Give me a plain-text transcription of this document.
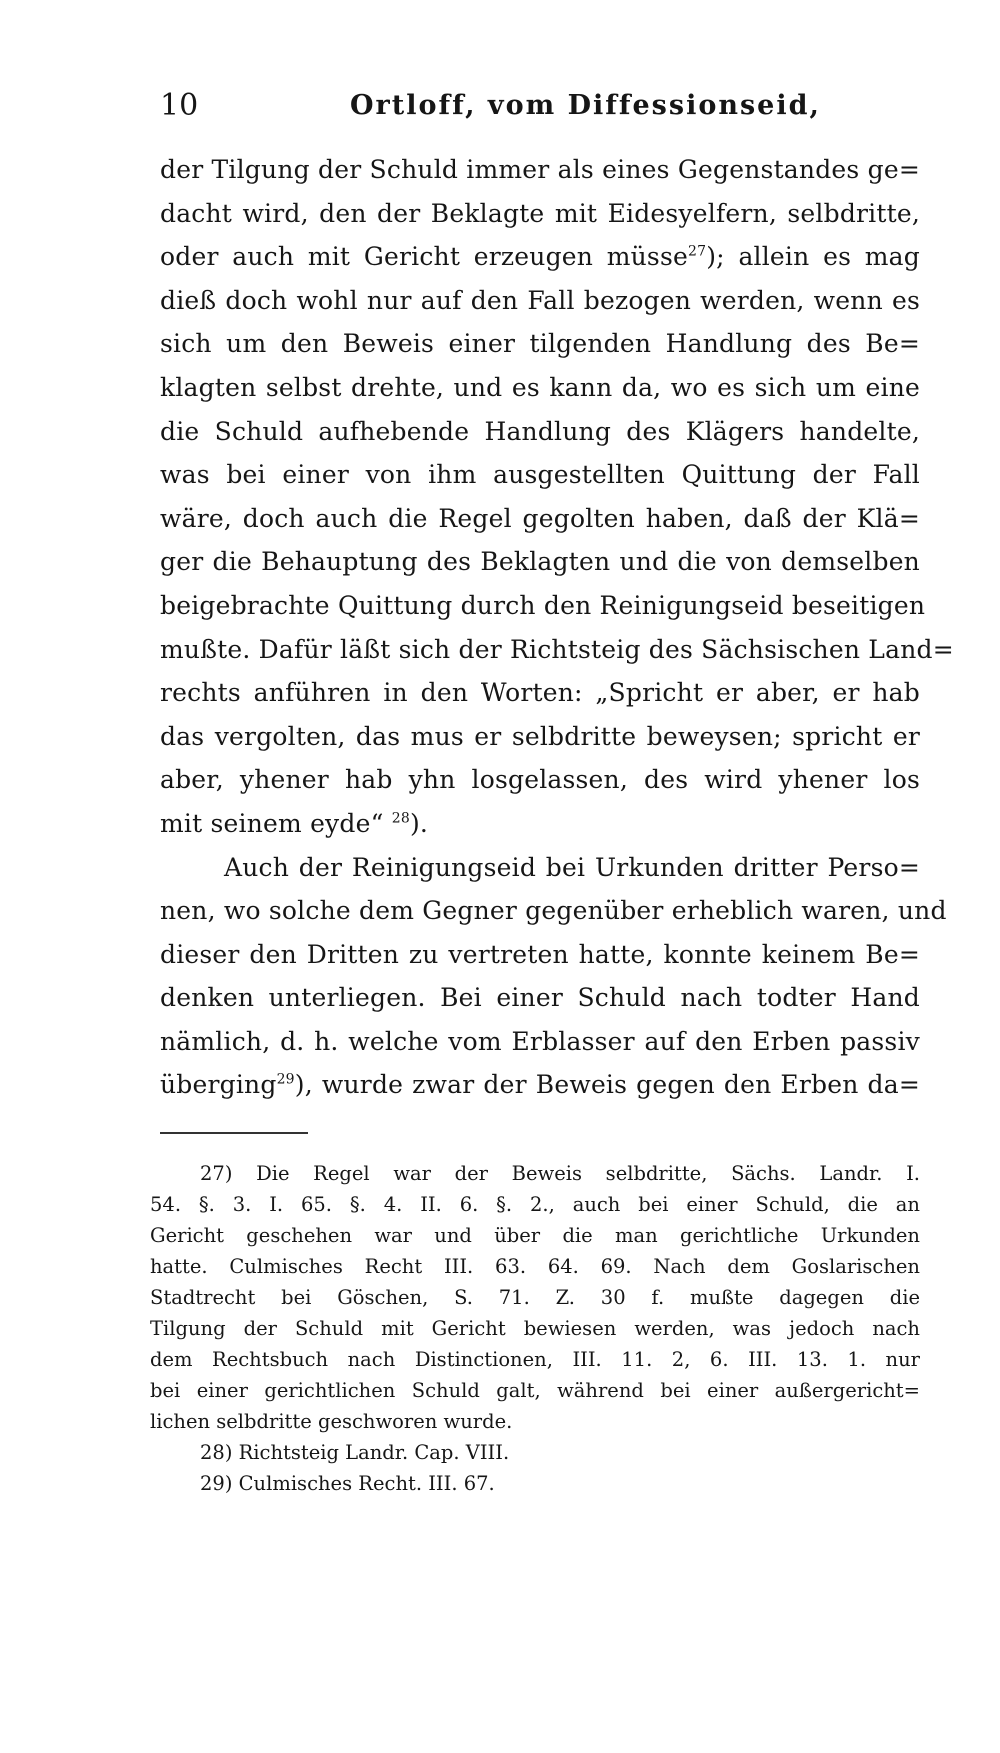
10	Ortloff, vom Diffessionseid,
der Tilgung der Schuld immer als eines Gegenstandes ge=
dacht wird, den der Beklagte mit Eidesyelfern, selbdritte,
oder auch mit Gericht erzeugen müsse$^{27}$); allein es mag
dieß doch wohl nur auf den Fall bezogen werden, wenn es
sich um den Beweis einer tilgenden Handlung des Be=
klagten selbst drehte, und es kann da, wo es sich um eine
die Schuld aufhebende Handlung des Klägers handelte,
was bei einer von ihm ausgestellten Quittung der Fall
wäre, doch auch die Regel gegolten haben, daß der Klä=
ger die Behauptung des Beklagten und die von demselben
beigebrachte Quittung durch den Reinigungseid beseitigen
mußte. Dafür läßt sich der Richtsteig des Sächsischen Land=
rechts anführen in den Worten: „Spricht er aber, er hab
das vergolten, das mus er selbdritte beweysen; spricht er
aber, yhener hab yhn losgelassen, des wird yhener los
mit seinem eyde“ $^{28}$).
Auch der Reinigungseid bei Urkunden dritter Perso=
nen, wo solche dem Gegner gegenüber erheblich waren, und
dieser den Dritten zu vertreten hatte, konnte keinem Be=
denken unterliegen. Bei einer Schuld nach todter Hand
nämlich, d. h. welche vom Erblasser auf den Erben passiv
überging$^{29}$), wurde zwar der Beweis gegen den Erben da=
27) Die Regel war der Beweis selbdritte, Sächs. Landr. I.
54. §. 3. I. 65. §. 4. II. 6. §. 2., auch bei einer Schuld, die an
Gericht geschehen war und über die man gerichtliche Urkunden
hatte. Culmisches Recht III. 63. 64. 69. Nach dem Goslarischen
Stadtrecht bei Göschen, S. 71. Z. 30 f. mußte dagegen die
Tilgung der Schuld mit Gericht bewiesen werden, was jedoch nach
dem Rechtsbuch nach Distinctionen, III. 11. 2, 6. III. 13. 1. nur
bei einer gerichtlichen Schuld galt, während bei einer außergericht=
lichen selbdritte geschworen wurde.
28) Richtsteig Landr. Cap. VIII.
29) Culmisches Recht. III. 67.
